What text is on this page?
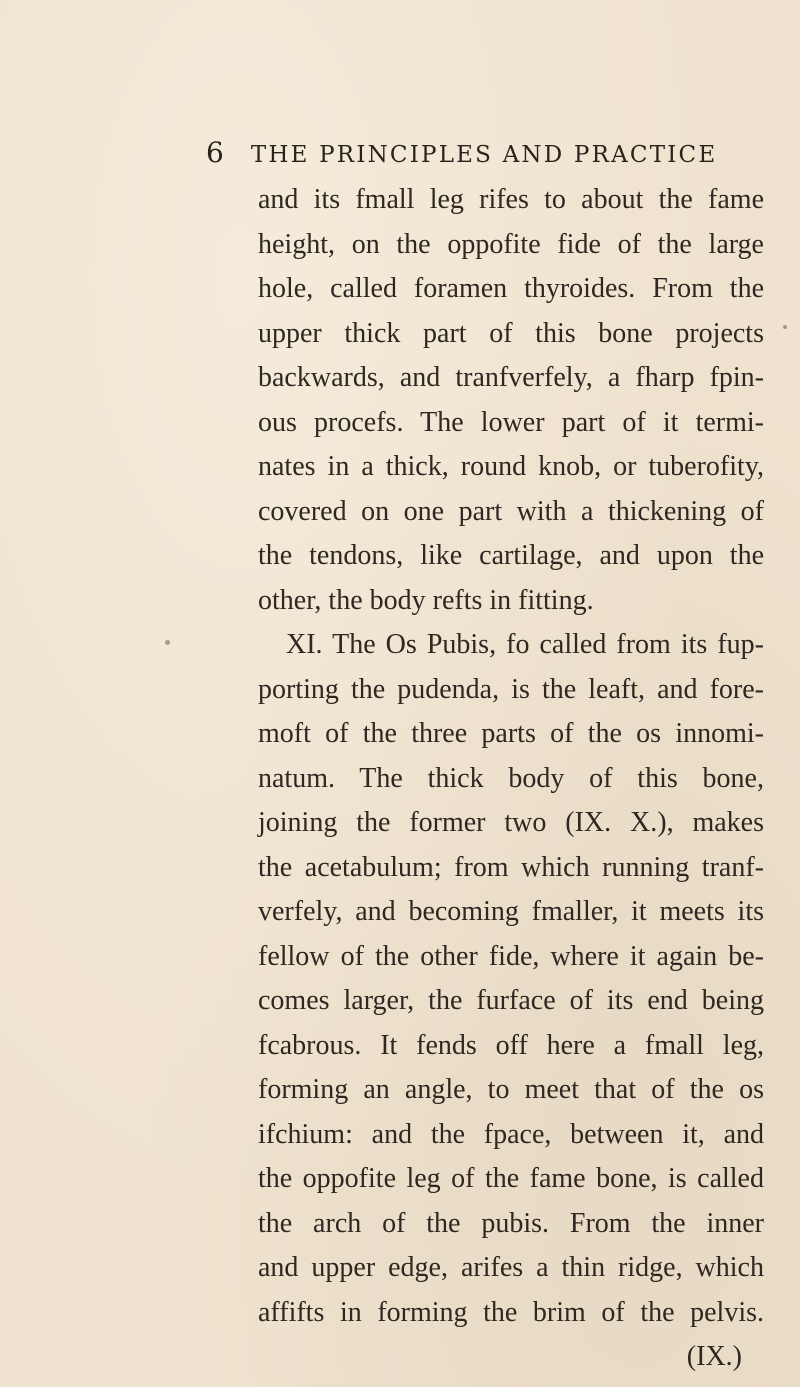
6 THE PRINCIPLES AND PRACTICE
and its fmall leg rifes to about the fame
height, on the oppofite fide of the large
hole, called foramen thyroides. From the
upper thick part of this bone projects
backwards, and tranfverfely, a fharp fpin-
ous procefs. The lower part of it termi-
nates in a thick, round knob, or tuberofity,
covered on one part with a thickening of
the tendons, like cartilage, and upon the
other, the body refts in fitting.
XI. The Os Pubis, fo called from its fup-
porting the pudenda, is the leaft, and fore-
moft of the three parts of the os innomi-
natum. The thick body of this bone,
joining the former two (IX. X.), makes
the acetabulum; from which running tranf-
verfely, and becoming fmaller, it meets its
fellow of the other fide, where it again be-
comes larger, the furface of its end being
fcabrous. It fends off here a fmall leg,
forming an angle, to meet that of the os
ifchium: and the fpace, between it, and
the oppofite leg of the fame bone, is called
the arch of the pubis. From the inner
and upper edge, arifes a thin ridge, which
affifts in forming the brim of the pelvis.
(IX.)
